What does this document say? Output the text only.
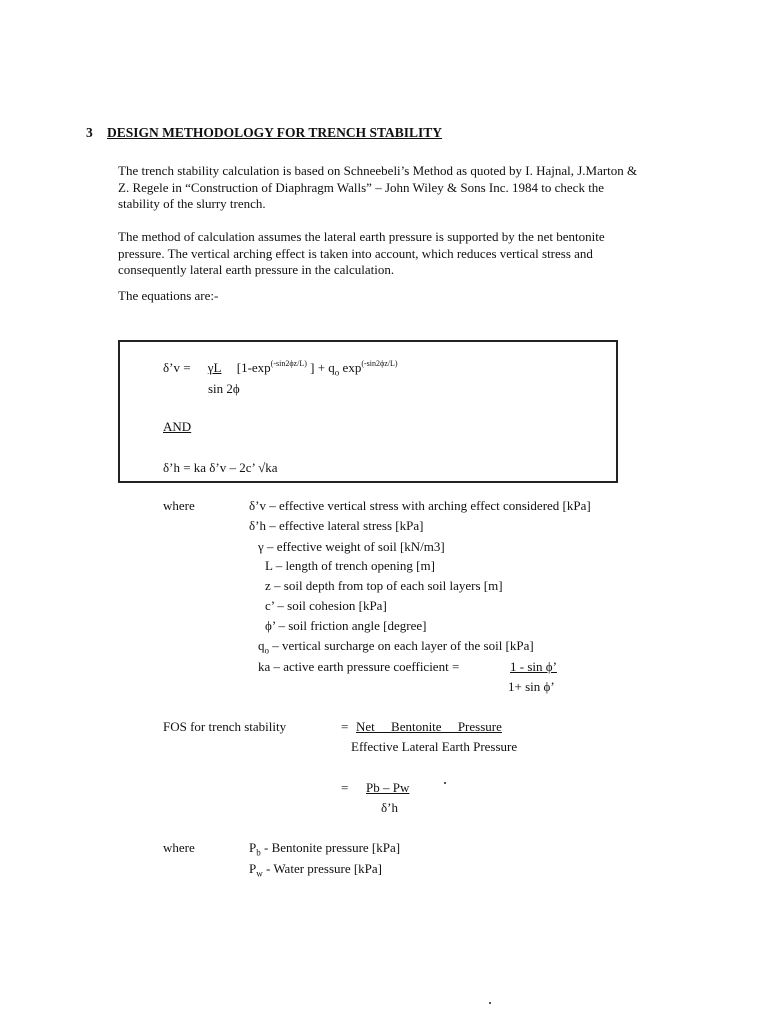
3 DESIGN METHODOLOGY FOR TRENCH STABILITY
The trench stability calculation is based on Schneebeli’s Method as quoted by I. Hajnal, J.Marton & Z. Regele in “Construction of Diaphragm Walls” – John Wiley & Sons Inc. 1984 to check the stability of the slurry trench.
The method of calculation assumes the lateral earth pressure is supported by the net bentonite pressure. The vertical arching effect is taken into account, which reduces vertical stress and consequently lateral earth pressure in the calculation.
The equations are:-
δ’v = γL [$1-\exp^{(-sin2\phi z/L)}$ ] + $q_o$ $\exp^{(-sin2\phi z/L)}$
sin 2ϕ
AND
δ’h = ka δ’v – 2c’ √ka
where	δ’v – effective vertical stress with arching effect considered [kPa]
δ’h – effective lateral stress [kPa]
γ – effective weight of soil [kN/m3]
L – length of trench opening [m]
z – soil depth from top of each soil layers [m]
c’ – soil cohesion [kPa]
ϕ’ – soil friction angle [degree]
$q_o$ – vertical surcharge on each layer of the soil [kPa]
ka – active earth pressure coefficient =	1 - sin ϕ’
1+ sin ϕ’
FOS for trench stability	= Net     Bentonite     Pressure
Effective Lateral Earth Pressure
= Pb – Pw
δ’h
where	$P_b$ - Bentonite pressure [kPa]
$P_w$ - Water pressure [kPa]
